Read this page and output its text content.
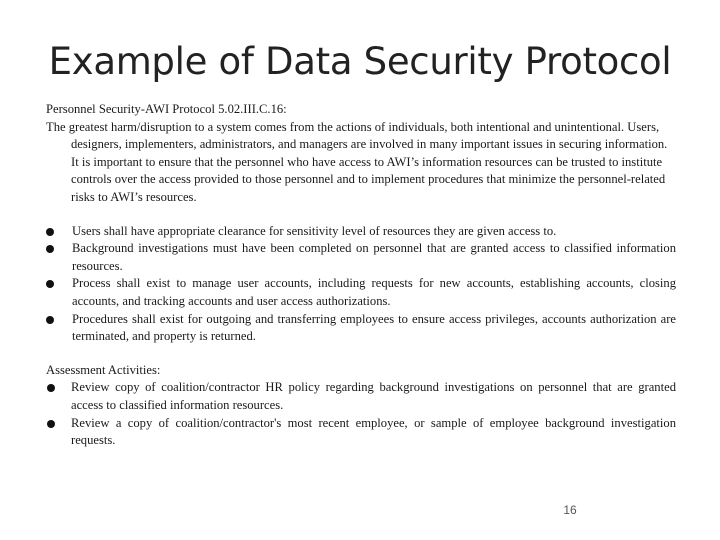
Example of Data Security Protocol

Personnel Security-AWI Protocol 5.02.III.C.16:

The greatest harm/disruption to a system comes from the actions of individuals, both intentional and unintentional. Users, designers, implementers, administrators, and managers are involved in many important issues in securing information. It is important to ensure that the personnel who have access to AWI’s information resources can be trusted to institute controls over the access provided to those personnel and to implement procedures that minimize the personnel-related risks to AWI’s resources.

Users shall have appropriate clearance for sensitivity level of resources they are given access to.
Background investigations must have been completed on personnel that are granted access to classified information resources.
Process shall exist to manage user accounts, including requests for new accounts, establishing accounts, closing accounts, and tracking accounts and user access authorizations.
Procedures shall exist for outgoing and transferring employees to ensure access privileges, accounts authorization are terminated, and property is returned.

Assessment Activities:

Review copy of coalition/contractor HR policy regarding background investigations on personnel that are granted access to classified information resources.
Review a copy of coalition/contractor's most recent employee, or sample of employee background investigation requests.
16
